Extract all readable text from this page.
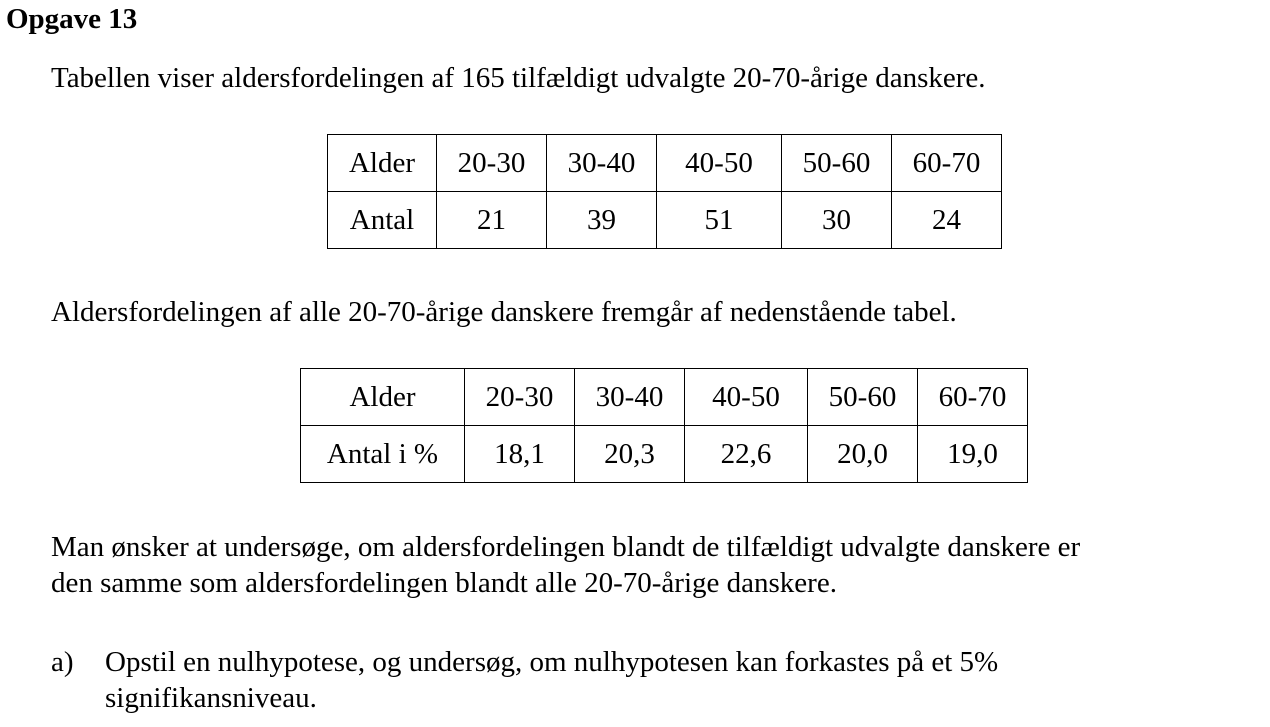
Opgave 13

Tabellen viser aldersfordelingen af 165 tilfældigt udvalgte 20-70-årige danskere.

Alder	20-30	30-40	40-50	50-60	60-70
Antal	21	39	51	30	24

Aldersfordelingen af alle 20-70-årige danskere fremgår af nedenstående tabel.

Alder	20-30	30-40	40-50	50-60	60-70
Antal i %	18,1	20,3	22,6	20,0	19,0
Man ønsker at undersøge, om aldersfordelingen blandt de tilfældigt udvalgte danskere er
den samme som aldersfordelingen blandt alle 20-70-årige danskere.
a) Opstil en nulhypotese, og undersøg, om nulhypotesen kan forkastes på et 5%
signifikansniveau.
